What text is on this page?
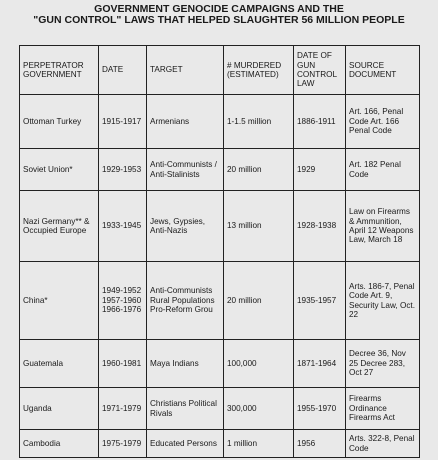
GOVERNMENT GENOCIDE CAMPAIGNS AND THE
"GUN CONTROL" LAWS THAT HELPED SLAUGHTER 56 MILLION PEOPLE
PERPETRATOR GOVERNMENT	DATE	TARGET	# MURDERED (ESTIMATED)	DATE OF GUN CONTROL LAW	SOURCE DOCUMENT
Ottoman Turkey	1915-1917	Armenians	1-1.5 million	1886-1911	Art. 166, Penal Code Art. 166 Penal Code
Soviet Union*	1929-1953	Anti-Communists / Anti-Stalinists	20 million	1929	Art. 182 Penal Code
Nazi Germany** & Occupied Europe	1933-1945	Jews, Gypsies, Anti-Nazis	13 million	1928-1938	Law on Firearms & Ammunition, April 12 Weapons Law, March 18
China*	1949-1952 1957-1960 1966-1976	Anti-Communists Rural Populations Pro-Reform Grou	20 million	1935-1957	Arts. 186-7, Penal Code Art. 9, Security Law, Oct. 22
Guatemala	1960-1981	Maya Indians	100,000	1871-1964	Decree 36, Nov 25 Decree 283, Oct 27
Uganda	1971-1979	Christians Political Rivals	300,000	1955-1970	Firearms Ordinance Firearms Act
Cambodia	1975-1979	Educated Persons	1 million	1956	Arts. 322-8, Penal Code
